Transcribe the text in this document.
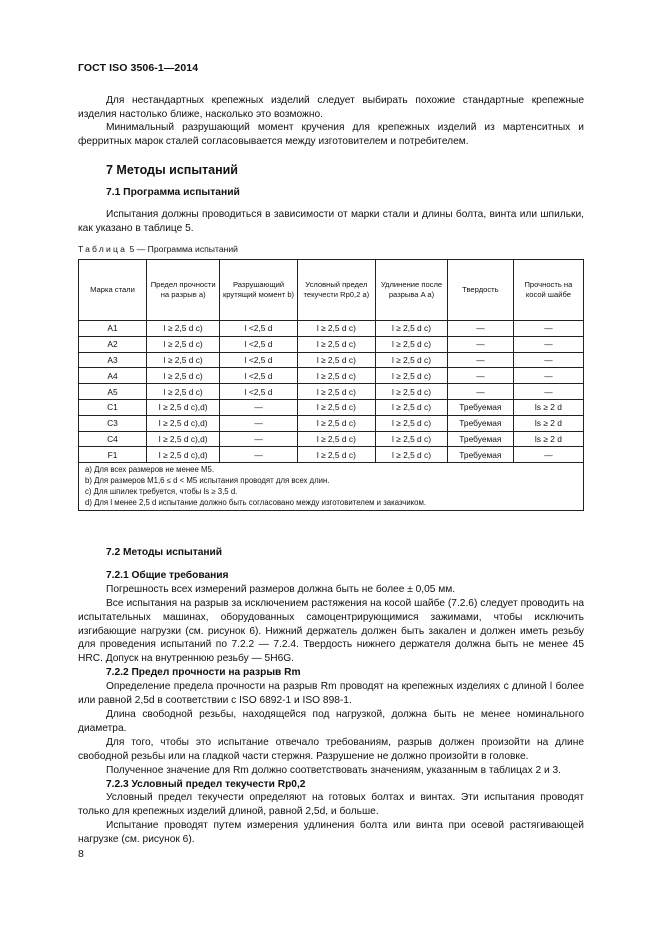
ГОСТ ISO 3506-1—2014

Для нестандартных крепежных изделий следует выбирать похожие стандартные крепежные изделия настолько ближе, насколько это возможно.

Минимальный разрушающий момент кручения для крепежных изделий из мартенситных и ферритных марок сталей согласовывается между изготовителем и потребителем.

7 Методы испытаний
7.1 Программа испытаний

Испытания должны проводиться в зависимости от марки стали и длины болта, винта или шпильки, как указано в таблице 5.

Таблица 5 — Программа испытаний
Марка стали	Предел прочности на разрыв a)	Разрушающий крутящий момент b)	Условный предел текучести Rp0,2 a)	Удлинение после разрыва A a)	Твердость	Прочность на косой шайбе
A1	l ≥ 2,5 d c)	l <2,5 d	l ≥ 2,5 d c)	l ≥ 2,5 d c)	—	—
A2	l ≥ 2,5 d c)	l <2,5 d	l ≥ 2,5 d c)	l ≥ 2,5 d c)	—	—
A3	l ≥ 2,5 d c)	l <2,5 d	l ≥ 2,5 d c)	l ≥ 2,5 d c)	—	—
A4	l ≥ 2,5 d c)	l <2,5 d	l ≥ 2,5 d c)	l ≥ 2,5 d c)	—	—
A5	l ≥ 2,5 d c)	l <2,5 d	l ≥ 2,5 d c)	l ≥ 2,5 d c)	—	—
C1	l ≥ 2,5 d c),d)	—	l ≥ 2,5 d c)	l ≥ 2,5 d c)	Требуемая	ls ≥ 2 d
C3	l ≥ 2,5 d c),d)	—	l ≥ 2,5 d c)	l ≥ 2,5 d c)	Требуемая	ls ≥ 2 d
C4	l ≥ 2,5 d c),d)	—	l ≥ 2,5 d c)	l ≥ 2,5 d c)	Требуемая	ls ≥ 2 d
F1	l ≥ 2,5 d c),d)	—	l ≥ 2,5 d c)	l ≥ 2,5 d c)	Требуемая	—

a) Для всех размеров не менее М5.
b) Для размеров М1,6 ≤ d < М5 испытания проводят для всех длин.
c) Для шпилек требуется, чтобы ls ≥ 3,5 d.
d) Для l менее 2,5 d испытание должно быть согласовано между изготовителем и заказчиком.						

7.2 Методы испытаний

7.2.1 Общие требования

Погрешность всех измерений размеров должна быть не более ± 0,05 мм.

Все испытания на разрыв за исключением растяжения на косой шайбе (7.2.6) следует проводить на испытательных машинах, оборудованных самоцентрирующимися зажимами, чтобы исключить изгибающие нагрузки (см. рисунок 6). Нижний держатель должен быть закален и должен иметь резьбу для проведения испытаний по 7.2.2 — 7.2.4. Твердость нижнего держателя должна быть не менее 45 HRC. Допуск на внутреннюю резьбу — 5Н6G.

7.2.2 Предел прочности на разрыв Rm

Определение предела прочности на разрыв Rm проводят на крепежных изделиях с длиной l более или равной 2,5d в соответствии с ISO 6892-1 и ISO 898-1.

Длина свободной резьбы, находящейся под нагрузкой, должна быть не менее номинального диаметра.

Для того, чтобы это испытание отвечало требованиям, разрыв должен произойти на длине свободной резьбы или на гладкой части стержня. Разрушение не должно произойти в головке.

Полученное значение для Rm должно соответствовать значениям, указанным в таблицах 2 и 3.

7.2.3 Условный предел текучести Rp0,2

Условный предел текучести определяют на готовых болтах и винтах. Эти испытания проводят только для крепежных изделий длиной, равной 2,5d, и больше.

Испытание проводят путем измерения удлинения болта или винта при осевой растягивающей нагрузке (см. рисунок 6).

8
